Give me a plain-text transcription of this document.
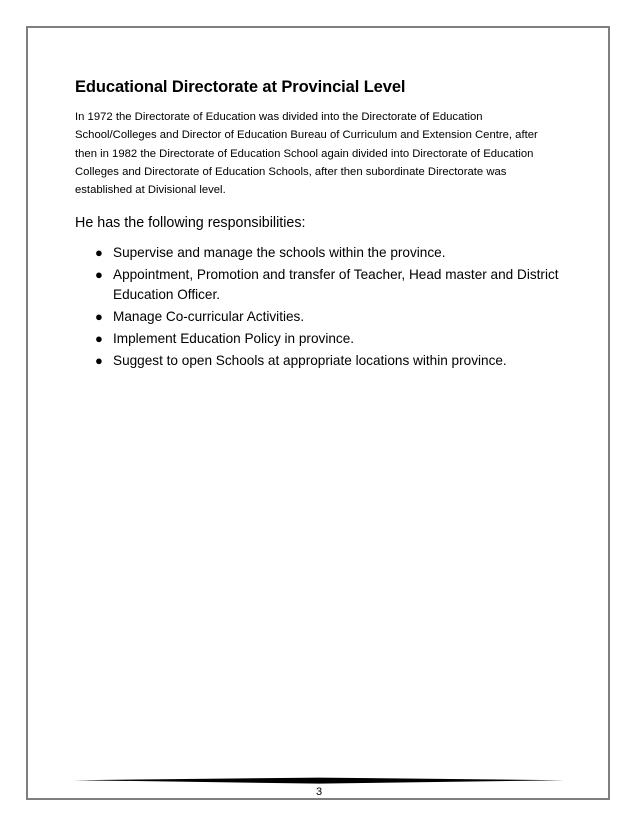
Educational Directorate at Provincial Level

In 1972 the Directorate of Education was divided into the Directorate of Education
School/Colleges and Director of Education Bureau of Curriculum and Extension Centre, after
then in 1982 the Directorate of Education School again divided into Directorate of Education
Colleges and Directorate of Education Schools, after then subordinate Directorate was
established at Divisional level.

He has the following responsibilities:

● Supervise and manage the schools within the province.
● Appointment, Promotion and transfer of Teacher, Head master and District Education Officer.
● Manage Co-curricular Activities.
● Implement Education Policy in province.
● Suggest to open Schools at appropriate locations within province.
3
